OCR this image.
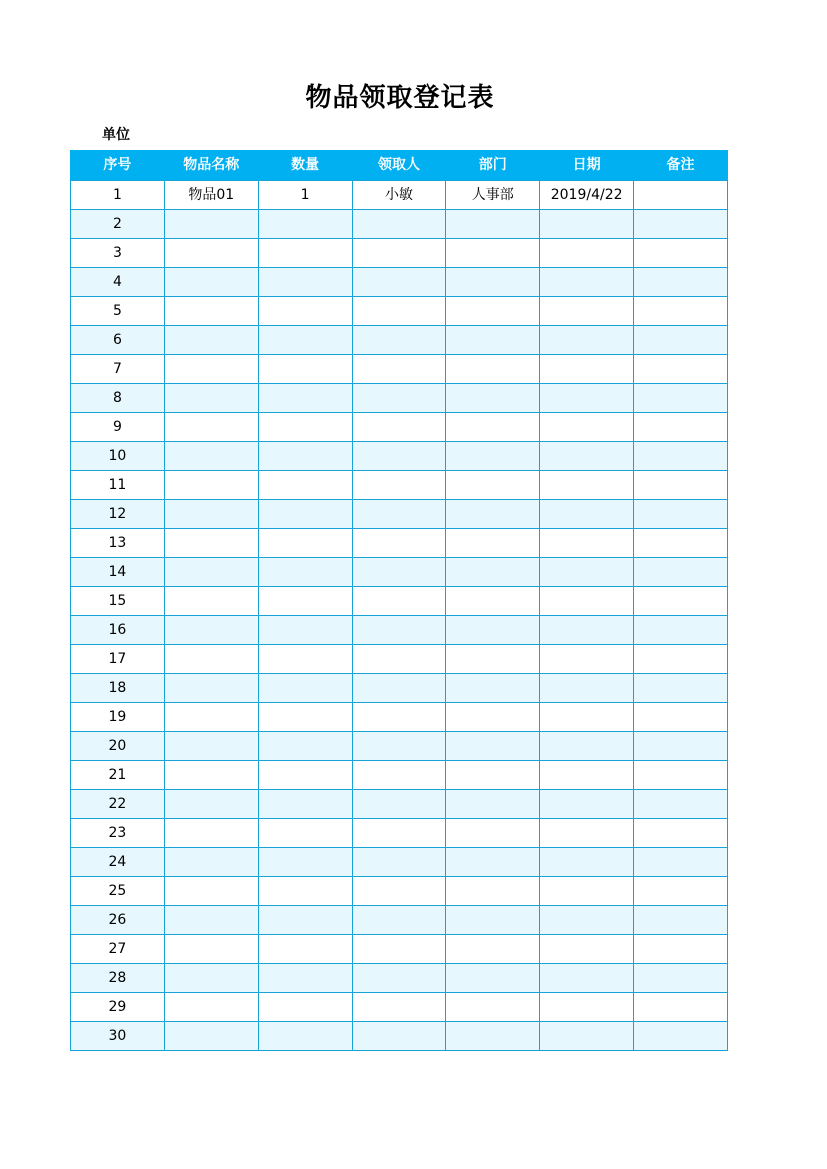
物品领取登记表
单位
序号	物品名称	数量	领取人	部门	日期	备注
1	物品01	1	小敏	人事部	2019/4/22	
2						
3						
4						
5						
6						
7						
8						
9						
10						
11						
12						
13						
14						
15						
16						
17						
18						
19						
20						
21						
22						
23						
24						
25						
26						
27						
28						
29						
30						
